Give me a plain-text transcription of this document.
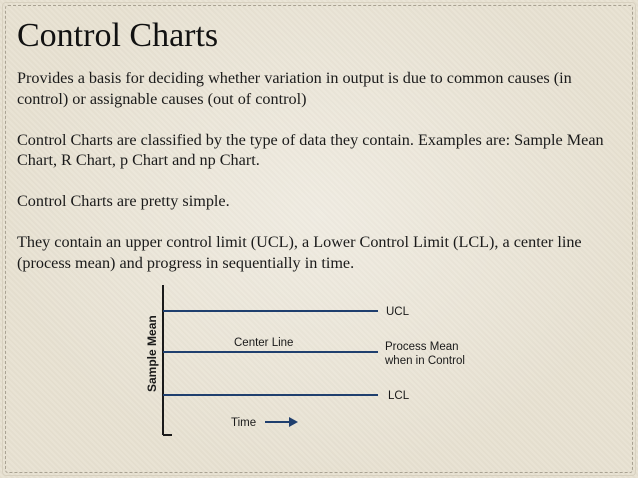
Control Charts

Provides a basis for deciding whether variation in output is due to common causes (in control) or assignable causes (out of control)

Control Charts are classified by the type of data they contain. Examples are: Sample Mean Chart, R Chart, p Chart and np Chart.

Control Charts are pretty simple.

They contain an upper control limit (UCL), a Lower Control Limit (LCL), a center line (process mean) and progress in sequentially in time.

Sample Mean	Center Line
UCL
Process Mean
when in Control
LCL
Time
